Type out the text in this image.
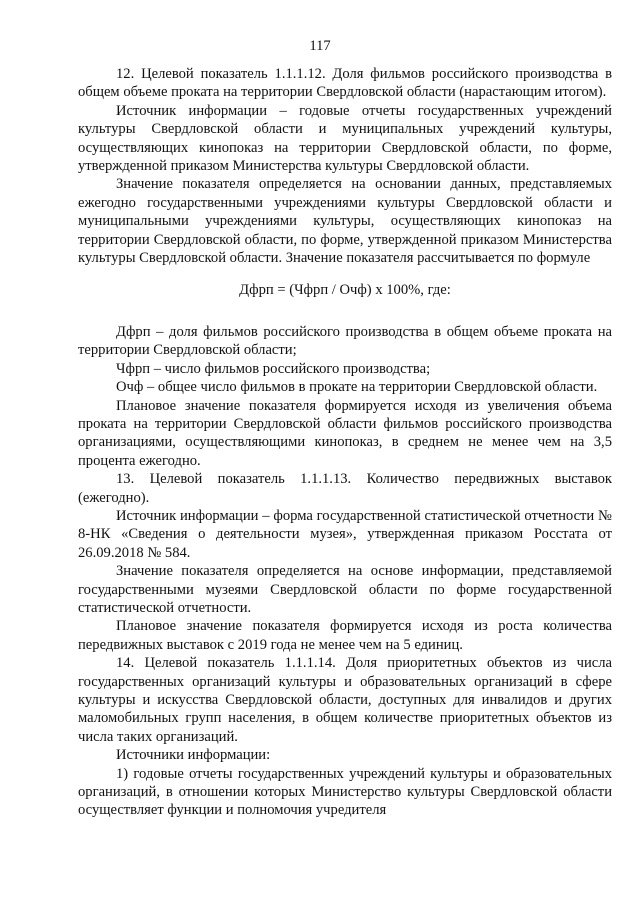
117

12. Целевой показатель 1.1.1.12. Доля фильмов российского производства в общем объеме проката на территории Свердловской области (нарастающим итогом).

Источник информации – годовые отчеты государственных учреждений культуры Свердловской области и муниципальных учреждений культуры, осуществляющих кинопоказ на территории Свердловской области, по форме, утвержденной приказом Министерства культуры Свердловской области.

Значение показателя определяется на основании данных, представляемых ежегодно государственными учреждениями культуры Свердловской области и муниципальными учреждениями культуры, осуществляющих кинопоказ на территории Свердловской области, по форме, утвержденной приказом Министерства культуры Свердловской области. Значение показателя рассчитывается по формуле

Дфрп = (Чфрп / Очф) х 100%, где:

Дфрп – доля фильмов российского производства в общем объеме проката на территории Свердловской области;

Чфрп – число фильмов российского производства;

Очф – общее число фильмов в прокате на территории Свердловской области.

Плановое значение показателя формируется исходя из увеличения объема проката на территории Свердловской области фильмов российского производства организациями, осуществляющими кинопоказ, в среднем не менее чем на 3,5 процента ежегодно.

13. Целевой показатель 1.1.1.13. Количество передвижных выставок (ежегодно).

Источник информации – форма государственной статистической отчетности № 8-НК «Сведения о деятельности музея», утвержденная приказом Росстата от 26.09.2018 № 584.

Значение показателя определяется на основе информации, представляемой государственными музеями Свердловской области по форме государственной статистической отчетности.

Плановое значение показателя формируется исходя из роста количества передвижных выставок с 2019 года не менее чем на 5 единиц.

14. Целевой показатель 1.1.1.14. Доля приоритетных объектов из числа государственных организаций культуры и образовательных организаций в сфере культуры и искусства Свердловской области, доступных для инвалидов и других маломобильных групп населения, в общем количестве приоритетных объектов из числа таких организаций.

Источники информации:

1) годовые отчеты государственных учреждений культуры и образовательных организаций, в отношении которых Министерство культуры Свердловской области осуществляет функции и полномочия учредителя
